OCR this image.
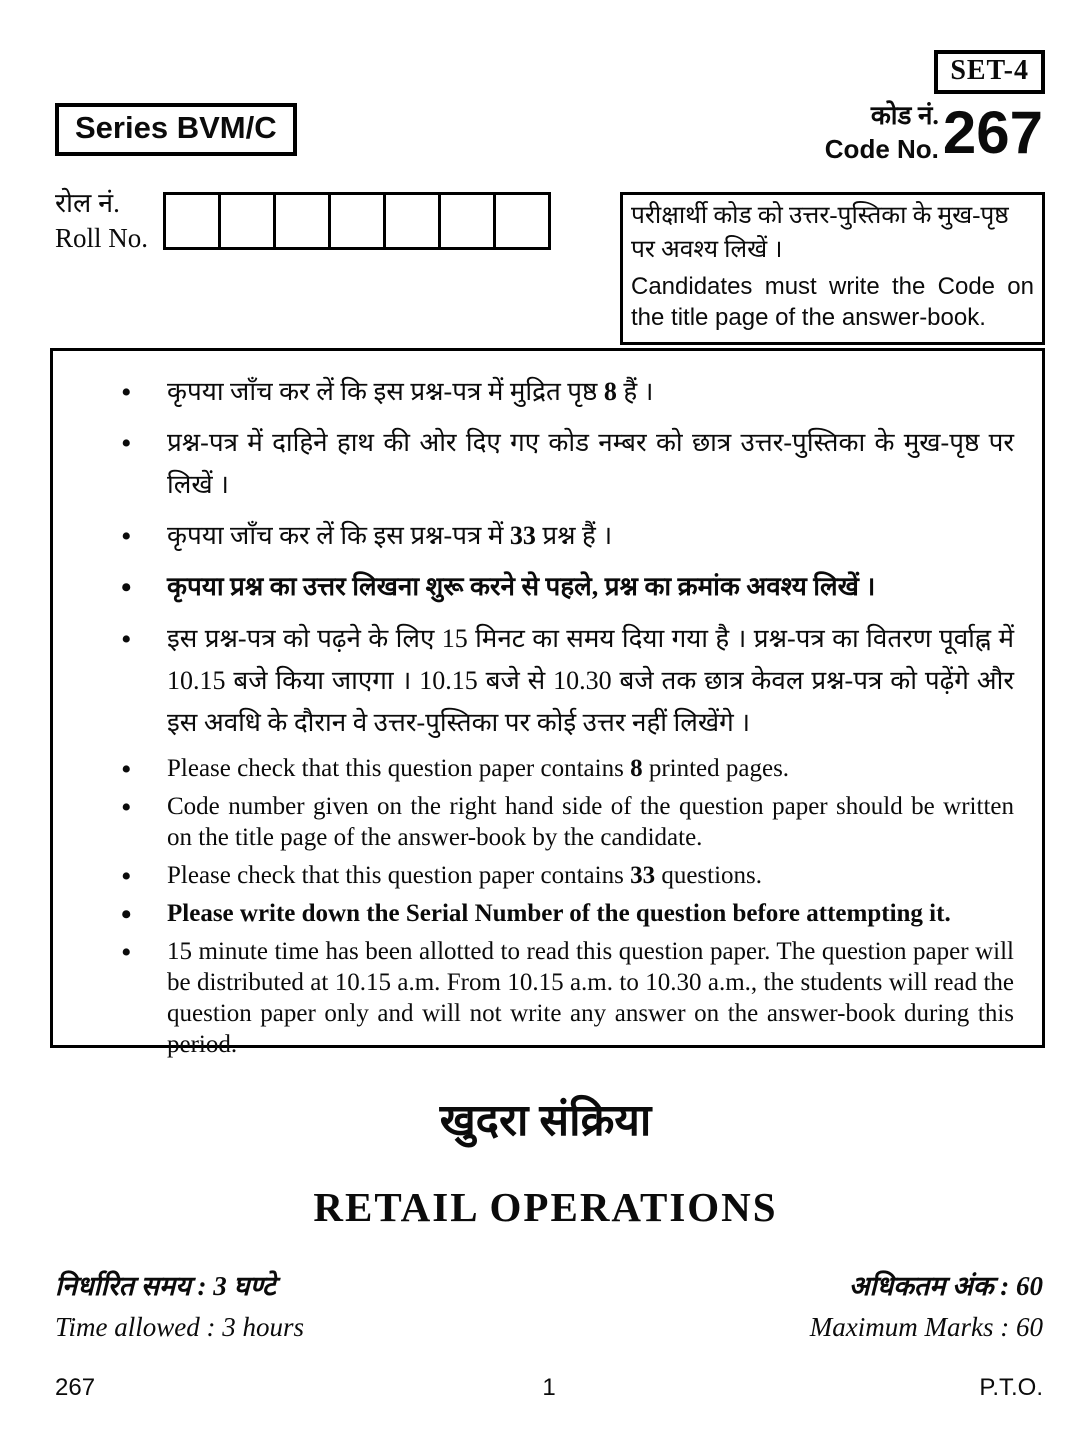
SET-4
Series BVM/C	कोड नं.
Code No. 267
रोल नं.
Roll No.
परीक्षार्थी कोड को उत्तर-पुस्तिका के मुख-पृष्ठ पर अवश्य लिखें ।
Candidates must write the Code on the title page of the answer-book.
• कृपया जाँच कर लें कि इस प्रश्न-पत्र में मुद्रित पृष्ठ 8 हैं ।
• प्रश्न-पत्र में दाहिने हाथ की ओर दिए गए कोड नम्बर को छात्र उत्तर-पुस्तिका के मुख-पृष्ठ पर लिखें ।
• कृपया जाँच कर लें कि इस प्रश्न-पत्र में 33 प्रश्न हैं ।
• कृपया प्रश्न का उत्तर लिखना शुरू करने से पहले, प्रश्न का क्रमांक अवश्य लिखें ।
• इस प्रश्न-पत्र को पढ़ने के लिए 15 मिनट का समय दिया गया है । प्रश्न-पत्र का वितरण पूर्वाह्न में 10.15 बजे किया जाएगा । 10.15 बजे से 10.30 बजे तक छात्र केवल प्रश्न-पत्र को पढ़ेंगे और इस अवधि के दौरान वे उत्तर-पुस्तिका पर कोई उत्तर नहीं लिखेंगे ।
• Please check that this question paper contains 8 printed pages.
• Code number given on the right hand side of the question paper should be written on the title page of the answer-book by the candidate.
• Please check that this question paper contains 33 questions.
• Please write down the Serial Number of the question before attempting it.
• 15 minute time has been allotted to read this question paper. The question paper will be distributed at 10.15 a.m. From 10.15 a.m. to 10.30 a.m., the students will read the question paper only and will not write any answer on the answer-book during this period.
खुदरा संक्रिया
RETAIL OPERATIONS
निर्धारित समय : 3 घण्टे	अधिकतम अंक : 60
Time allowed : 3 hours	Maximum Marks : 60
267	1	P.T.O.
